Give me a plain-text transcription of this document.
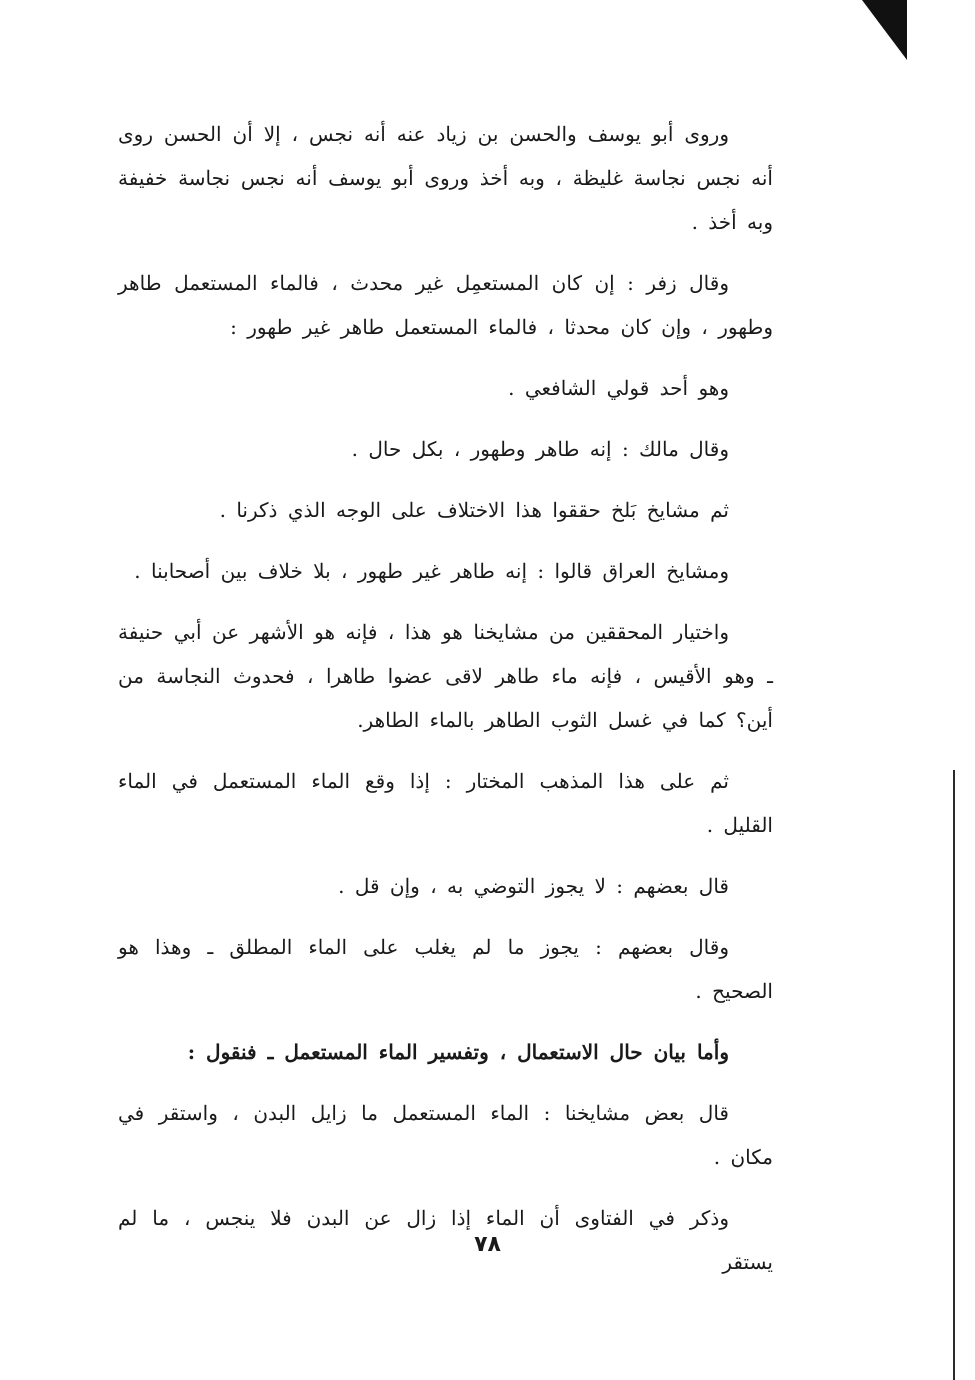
وروى أبو يوسف والحسن بن زياد عنه أنه نجس ، إلا أن الحسن روى أنه نجس نجاسة غليظة ، وبه أخذ وروى أبو يوسف أنه نجس نجاسة خفيفة وبه أخذ .

وقال زفر : إن كان المستعمِل غير محدث ، فالماء المستعمل طاهر وطهور ، وإن كان محدثا ، فالماء المستعمل طاهر غير طهور :

وهو أحد قولي الشافعي .

وقال مالك : إنه طاهر وطهور ، بكل حال .

ثم مشايخ بَلخ حققوا هذا الاختلاف على الوجه الذي ذكرنا .

ومشايخ العراق قالوا : إنه طاهر غير طهور ، بلا خلاف بين أصحابنا .

واختيار المحققين من مشايخنا هو هذا ، فإنه هو الأشهر عن أبي حنيفة ـ وهو الأقيس ، فإنه ماء طاهر لاقى عضوا طاهرا ، فحدوث النجاسة من أين؟ كما في غسل الثوب الطاهر بالماء الطاهر.

ثم على هذا المذهب المختار : إذا وقع الماء المستعمل في الماء القليل .

قال بعضهم : لا يجوز التوضي به ، وإن قل .

وقال بعضهم : يجوز ما لم يغلب على الماء المطلق ـ وهذا هو الصحيح .

وأما بيان حال الاستعمال ، وتفسير الماء المستعمل ـ فنقول :

قال بعض مشايخنا : الماء المستعمل ما زايل البدن ، واستقر في مكان .

وذكر في الفتاوى أن الماء إذا زال عن البدن فلا ينجس ، ما لم يستقر

٧٨
